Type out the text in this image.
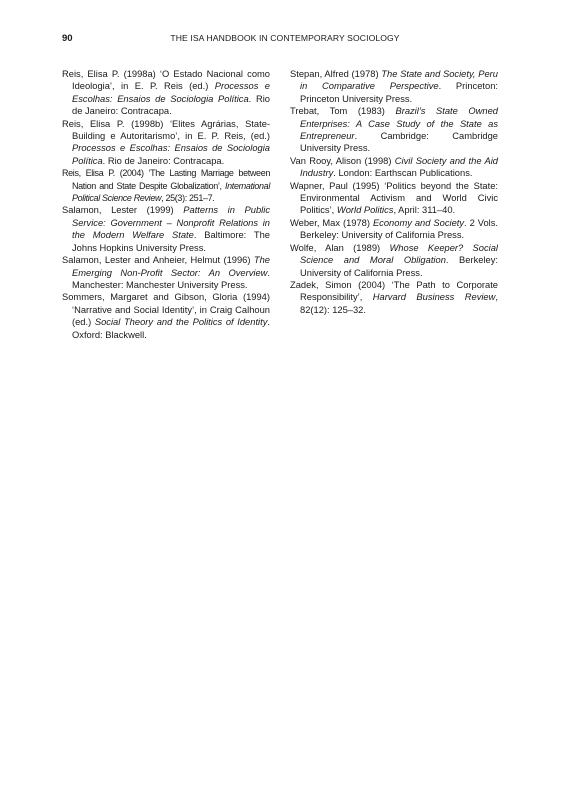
90	THE ISA HANDBOOK IN CONTEMPORARY SOCIOLOGY

Reis, Elisa P. (1998a) ‘O Estado Nacional como Ideologia’, in E. P. Reis (ed.) Processos e Escolhas: Ensaios de Sociologia Política. Rio de Janeiro: Contracapa.

Reis, Elisa P. (1998b) ‘Elites Agrárias, State-Building e Autoritarismo’, in E. P. Reis, (ed.) Processos e Escolhas: Ensaios de Sociologia Política. Rio de Janeiro: Contracapa.

Reis, Elisa P. (2004) ‘The Lasting Marriage between Nation and State Despite Globalization’, International Political Science Review, 25(3): 251–7.

Salamon, Lester (1999) Patterns in Public Service: Government – Nonprofit Relations in the Modern Welfare State. Baltimore: The Johns Hopkins University Press.

Salamon, Lester and Anheier, Helmut (1996) The Emerging Non-Profit Sector: An Overview. Manchester: Manchester University Press.

Sommers, Margaret and Gibson, Gloria (1994) ‘Narrative and Social Identity’, in Craig Calhoun (ed.) Social Theory and the Politics of Identity. Oxford: Blackwell.

Stepan, Alfred (1978) The State and Society, Peru in Comparative Perspective. Princeton: Princeton University Press.

Trebat, Tom (1983) Brazil’s State Owned Enterprises: A Case Study of the State as Entrepreneur. Cambridge: Cambridge University Press.

Van Rooy, Alison (1998) Civil Society and the Aid Industry. London: Earthscan Publications.

Wapner, Paul (1995) ‘Politics beyond the State: Environmental Activism and World Civic Politics’, World Politics, April: 311–40.

Weber, Max (1978) Economy and Society. 2 Vols. Berkeley: University of California Press.

Wolfe, Alan (1989) Whose Keeper? Social Science and Moral Obligation. Berkeley: University of California Press.

Zadek, Simon (2004) ‘The Path to Corporate Responsibility’, Harvard Business Review, 82(12): 125–32.
